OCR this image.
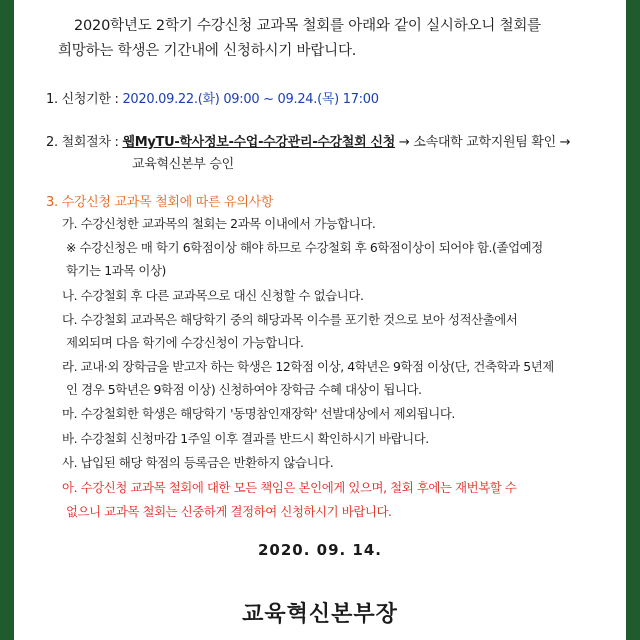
2020학년도 2학기 수강신청 교과목 철회를 아래와 같이 실시하오니 철회를
희망하는 학생은 기간내에 신청하시기 바랍니다.
1. 신청기한 : 2020.09.22.(화) 09:00 ~ 09.24.(목) 17:00
2. 철회절차 : 웹MyTU-학사정보-수업-수강관리-수강철회 신청 → 소속대학 교학지원팀 확인 →
교육혁신본부 승인
3. 수강신청 교과목 철회에 따른 유의사항
가. 수강신청한 교과목의 철회는 2과목 이내에서 가능합니다.
※ 수강신청은 매 학기 6학점이상 해야 하므로 수강철회 후 6학점이상이 되어야 함.(졸업예정
학기는 1과목 이상)
나. 수강철회 후 다른 교과목으로 대신 신청할 수 없습니다.
다. 수강철회 교과목은 해당학기 중의 해당과목 이수를 포기한 것으로 보아 성적산출에서
제외되며 다음 학기에 수강신청이 가능합니다.
라. 교내·외 장학금을 받고자 하는 학생은 12학점 이상, 4학년은 9학점 이상(단, 건축학과 5년제
인 경우 5학년은 9학점 이상) 신청하여야 장학금 수혜 대상이 됩니다.
마. 수강철회한 학생은 해당학기 '동명참인재장학' 선발대상에서 제외됩니다.
바. 수강철회 신청마감 1주일 이후 결과를 반드시 확인하시기 바랍니다.
사. 납입된 해당 학점의 등록금은 반환하지 않습니다.
아. 수강신청 교과목 철회에 대한 모든 책임은 본인에게 있으며, 철회 후에는 재번복할 수
없으니 교과목 철회는 신중하게 결정하여 신청하시기 바랍니다.
2020. 09. 14.
교육혁신본부장
